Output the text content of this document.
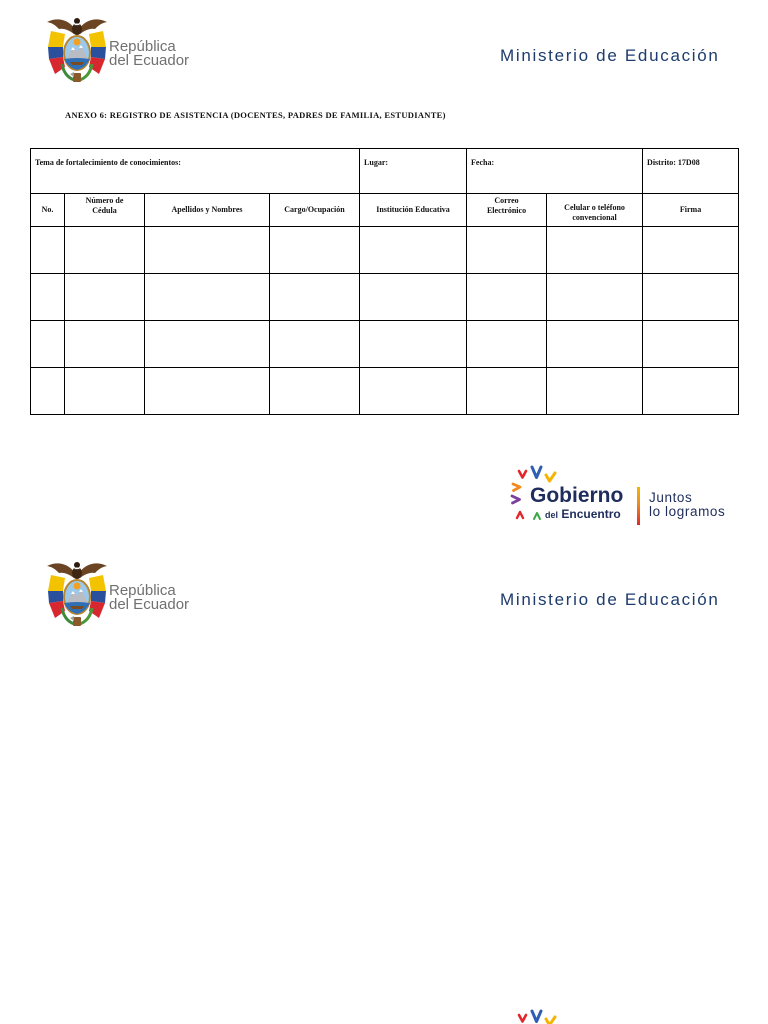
República
del Ecuador	Ministerio de Educación
ANEXO 6: REGISTRO DE ASISTENCIA (DOCENTES, PADRES DE FAMILIA, ESTUDIANTE)
Tema de fortalecimiento de conocimientos:				Lugar:	Fecha:		Distrito: 17D08
No.	Número de Cédula	Apellidos y Nombres	Cargo/Ocupación	Institución Educativa	Correo Electrónico	Celular o teléfono convencional	Firma

Gobierno
del Encuentro
Juntos
lo logramos
República
del Ecuador	Ministerio de Educación
